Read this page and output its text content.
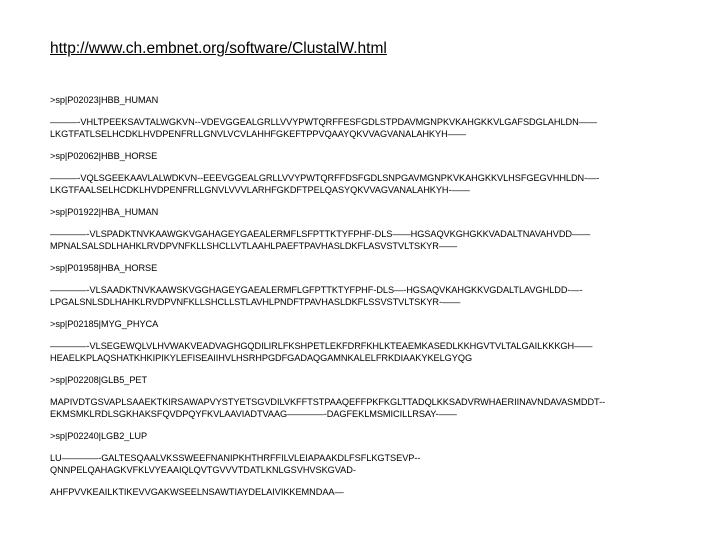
http://www.ch.embnet.org/software/ClustalW.html
>sp|P02023|HBB_HUMAN
———-VHLTPEEKSAVTALWGKVN--VDEVGGEALGRLLVVYPWTQRFFESFGDLSTPDAVMGNPKVKAHGKKVLGAFSDGLAHLDN——
LKGTFATLSELHCDKLHVDPENFRLLGNVLVCVLAHHFGKEFTPPVQAAYQKVVAGVANALAHKYH——
>sp|P02062|HBB_HORSE
———-VQLSGEEKAAVLALWDKVN--EEEVGGEALGRLLVVYPWTQRFFDSFGDLSNPGAVMGNPKVKAHGKKVLHSFGEGVHHLDN-—-
LKGTFAALSELHCDKLHVDPENFRLLGNVLVVVLARHFGKDFTPELQASYQKVVAGVANALAHKYH-——
>sp|P01922|HBA_HUMAN
————-VLSPADKTNVKAAWGKVGAHAGEYGAEALERMFLSFPTTKTYFPHF-DLS——HGSAQVKGHGKKVADALTNAVAHVDD——
MPNALSALSDLHAHKLRVDPVNFKLLSHCLLVTLAAHLPAEFTPAVHASLDKFLASVSTVLTSKYR——
>sp|P01958|HBA_HORSE
————-VLSAADKTNVKAAWSKVGGHAGEYGAEALERMFLGFPTTKTYFPHF-DLS—-HGSAQVKAHGKKVGDALTLAVGHLDD-—-
LPGALSNLSDLHAHKLRVDPVNFKLLSHCLLSTLAVHLPNDFTPAVHASLDKFLSSVSTVLTSKYR-——
>sp|P02185|MYG_PHYCA
————-VLSEGEWQLVLHVWAKVEADVAGHGQDILIRLFKSHPETLEKFDRFKHLKTEAEMKASEDLKKHGVTVLTALGAILKKKGH——
HEAELKPLAQSHATKHKIPIKYLEFISEAIIHVLHSRHPGDFGADAQGAMNKALELFRKDIAAKYKELGYQG
>sp|P02208|GLB5_PET
MAPIVDTGSVAPLSAAEKTKIRSAWAPVYSTYETSGVDILVKFFTSTPAAQEFFPKFKGLTTADQLKKSADVRWHAERIINAVNDAVASMDDT--
EKMSMKLRDLSGKHAKSFQVDPQYFKVLAAVIADTVAAG————-DAGFEKLMSMICILLRSAY-——
>sp|P02240|LGB2_LUP
LU————-GALTESQAALVKSSWEEFNANIPKHTHRFFILVLEIAPAAKDLFSFLKGTSEVP--
QNNPELQAHAGKVFKLVYEAAIQLQVTGVVVTDATLKNLGSVHVSKGVAD-
AHFPVVKEAILKTIKEVVGAKWSEELNSAWTIAYDELAIVIKKEMNDAA—
